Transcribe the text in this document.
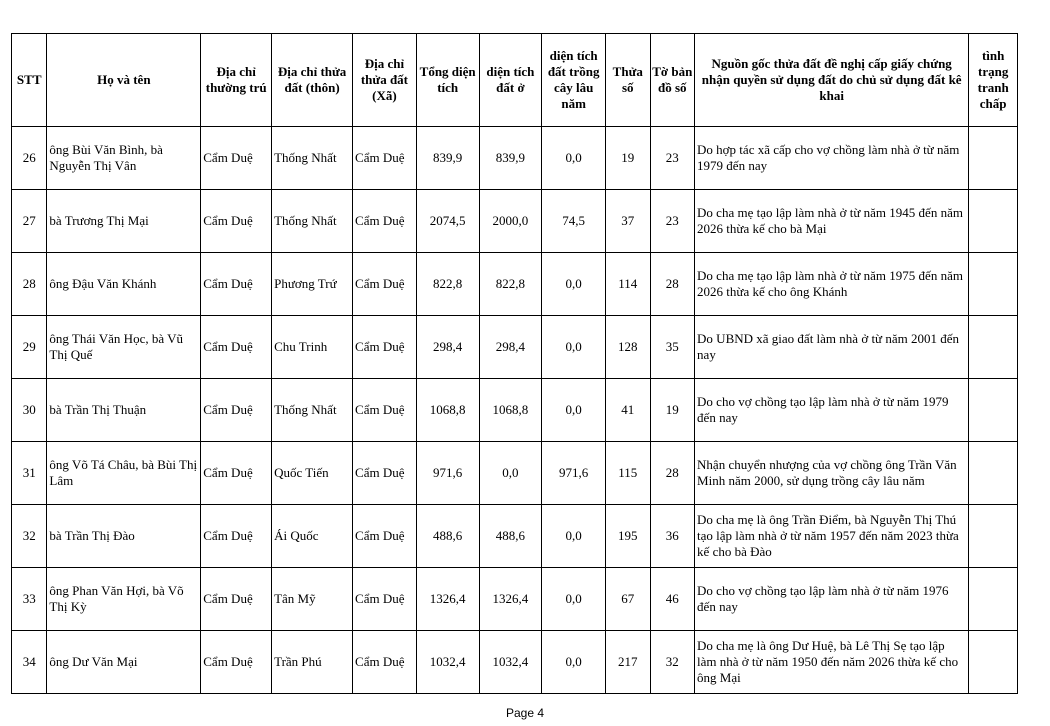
STT	Họ và tên	Địa chỉ thường trú	Địa chỉ thửa đất (thôn)	Địa chỉ thửa đất (Xã)	Tổng diện tích	diện tích đất ở	diện tích đất trồng cây lâu năm	Thửa số	Tờ bản đồ số	Nguồn gốc thửa đất đề nghị cấp giấy chứng nhận quyền sử dụng đất do chủ sử dụng đất kê khai	tình trạng tranh chấp
26	ông Bùi Văn Bình, bà Nguyễn Thị Vân	Cẩm Duệ	Thống Nhất	Cẩm Duệ	839,9	839,9	0,0	19	23	Do hợp tác xã cấp cho vợ chồng làm nhà ở từ năm 1979 đến nay	
27	bà Trương Thị Mại	Cẩm Duệ	Thống Nhất	Cẩm Duệ	2074,5	2000,0	74,5	37	23	Do cha mẹ tạo lập làm nhà ở từ năm 1945 đến năm 2026 thừa kế cho bà Mại	
28	ông Đậu Văn Khánh	Cẩm Duệ	Phương Trứ	Cẩm Duệ	822,8	822,8	0,0	114	28	Do cha mẹ tạo lập làm nhà ở từ năm 1975 đến năm 2026 thừa kế cho ông Khánh	
29	ông Thái Văn Học, bà Vũ Thị Quế	Cẩm Duệ	Chu Trinh	Cẩm Duệ	298,4	298,4	0,0	128	35	Do UBND xã giao đất làm nhà ở từ năm 2001 đến nay	
30	bà Trần Thị Thuận	Cẩm Duệ	Thống Nhất	Cẩm Duệ	1068,8	1068,8	0,0	41	19	Do cho vợ chồng tạo lập làm nhà ở từ năm 1979 đến nay	
31	ông Võ Tá Châu, bà Bùi Thị Lâm	Cẩm Duệ	Quốc Tiến	Cẩm Duệ	971,6	0,0	971,6	115	28	Nhận chuyển nhượng của vợ chồng ông Trần Văn Minh năm 2000, sử dụng trồng cây lâu năm	
32	bà Trần Thị Đào	Cẩm Duệ	Ái Quốc	Cẩm Duệ	488,6	488,6	0,0	195	36	Do cha mẹ là ông Trần Điểm, bà Nguyễn Thị Thú tạo lập làm nhà ở từ năm 1957 đến năm 2023 thừa kế cho bà Đào	
33	ông Phan Văn Hợi, bà Võ Thị Kỳ	Cẩm Duệ	Tân Mỹ	Cẩm Duệ	1326,4	1326,4	0,0	67	46	Do cho vợ chồng tạo lập làm nhà ở từ năm 1976 đến nay	
34	ông Dư Văn Mại	Cẩm Duệ	Trần Phú	Cẩm Duệ	1032,4	1032,4	0,0	217	32	Do cha mẹ là ông Dư Huệ, bà Lê Thị Sẹ tạo lập làm nhà ở từ năm 1950 đến năm 2026 thừa kế cho ông Mại	
Page 4
